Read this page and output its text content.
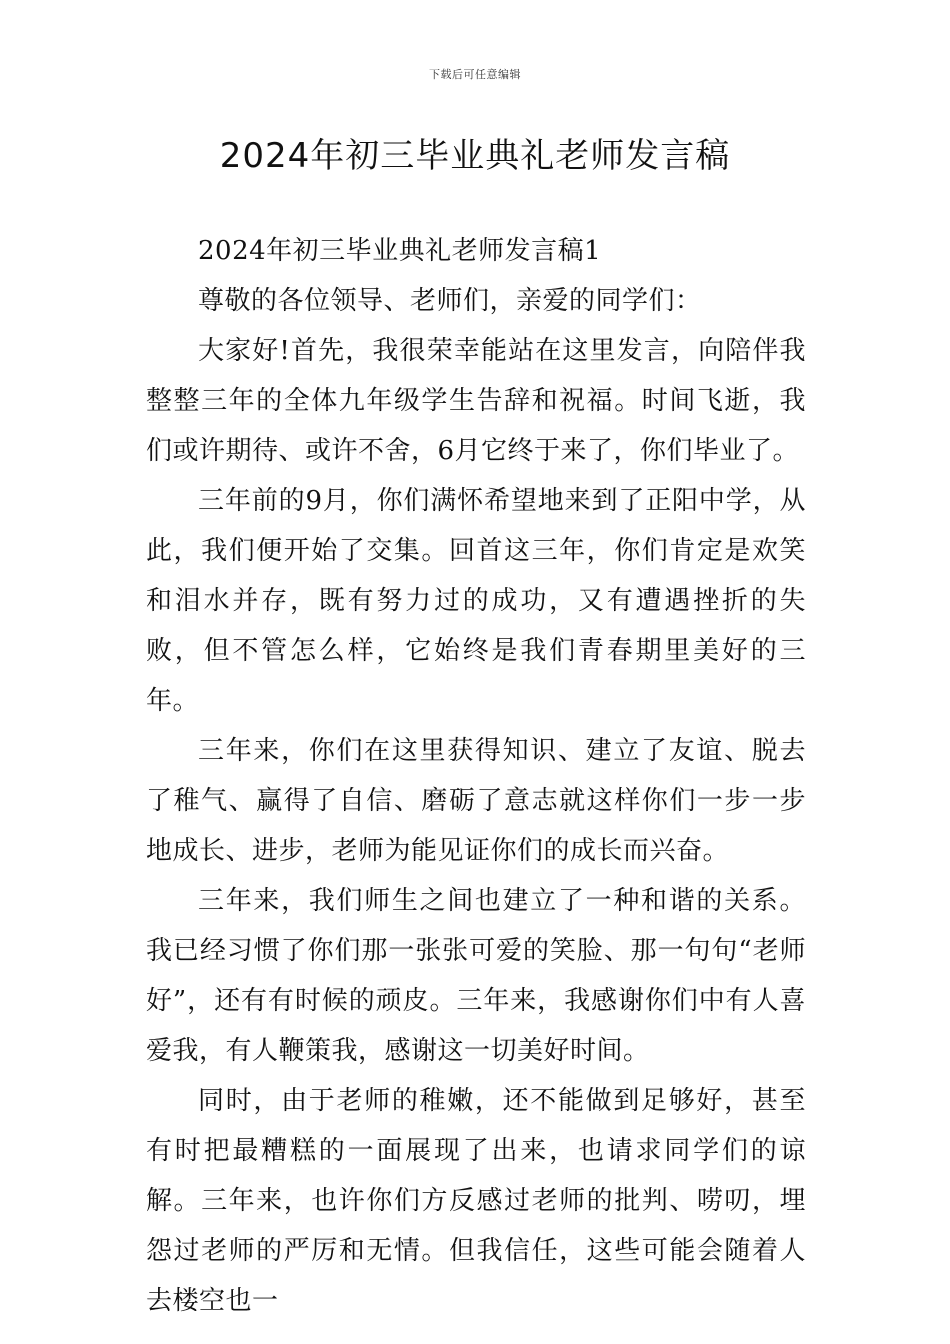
下载后可任意编辑
2024年初三毕业典礼老师发言稿

2024年初三毕业典礼老师发言稿1

尊敬的各位领导、老师们，亲爱的同学们：

大家好!首先，我很荣幸能站在这里发言，向陪伴我整整三年的全体九年级学生告辞和祝福。时间飞逝，我们或许期待、或许不舍，6月它终于来了，你们毕业了。

三年前的9月，你们满怀希望地来到了正阳中学，从此，我们便开始了交集。回首这三年，你们肯定是欢笑和泪水并存，既有努力过的成功，又有遭遇挫折的失败，但不管怎么样，它始终是我们青春期里美好的三年。

三年来，你们在这里获得知识、建立了友谊、脱去了稚气、赢得了自信、磨砺了意志就这样你们一步一步地成长、进步，老师为能见证你们的成长而兴奋。

三年来，我们师生之间也建立了一种和谐的关系。我已经习惯了你们那一张张可爱的笑脸、那一句句“老师好”，还有有时候的顽皮。三年来，我感谢你们中有人喜爱我，有人鞭策我，感谢这一切美好时间。

同时，由于老师的稚嫩，还不能做到足够好，甚至有时把最糟糕的一面展现了出来，也请求同学们的谅解。三年来，也许你们方反感过老师的批判、唠叨，埋怨过老师的严厉和无情。但我信任，这些可能会随着人去楼空也一
